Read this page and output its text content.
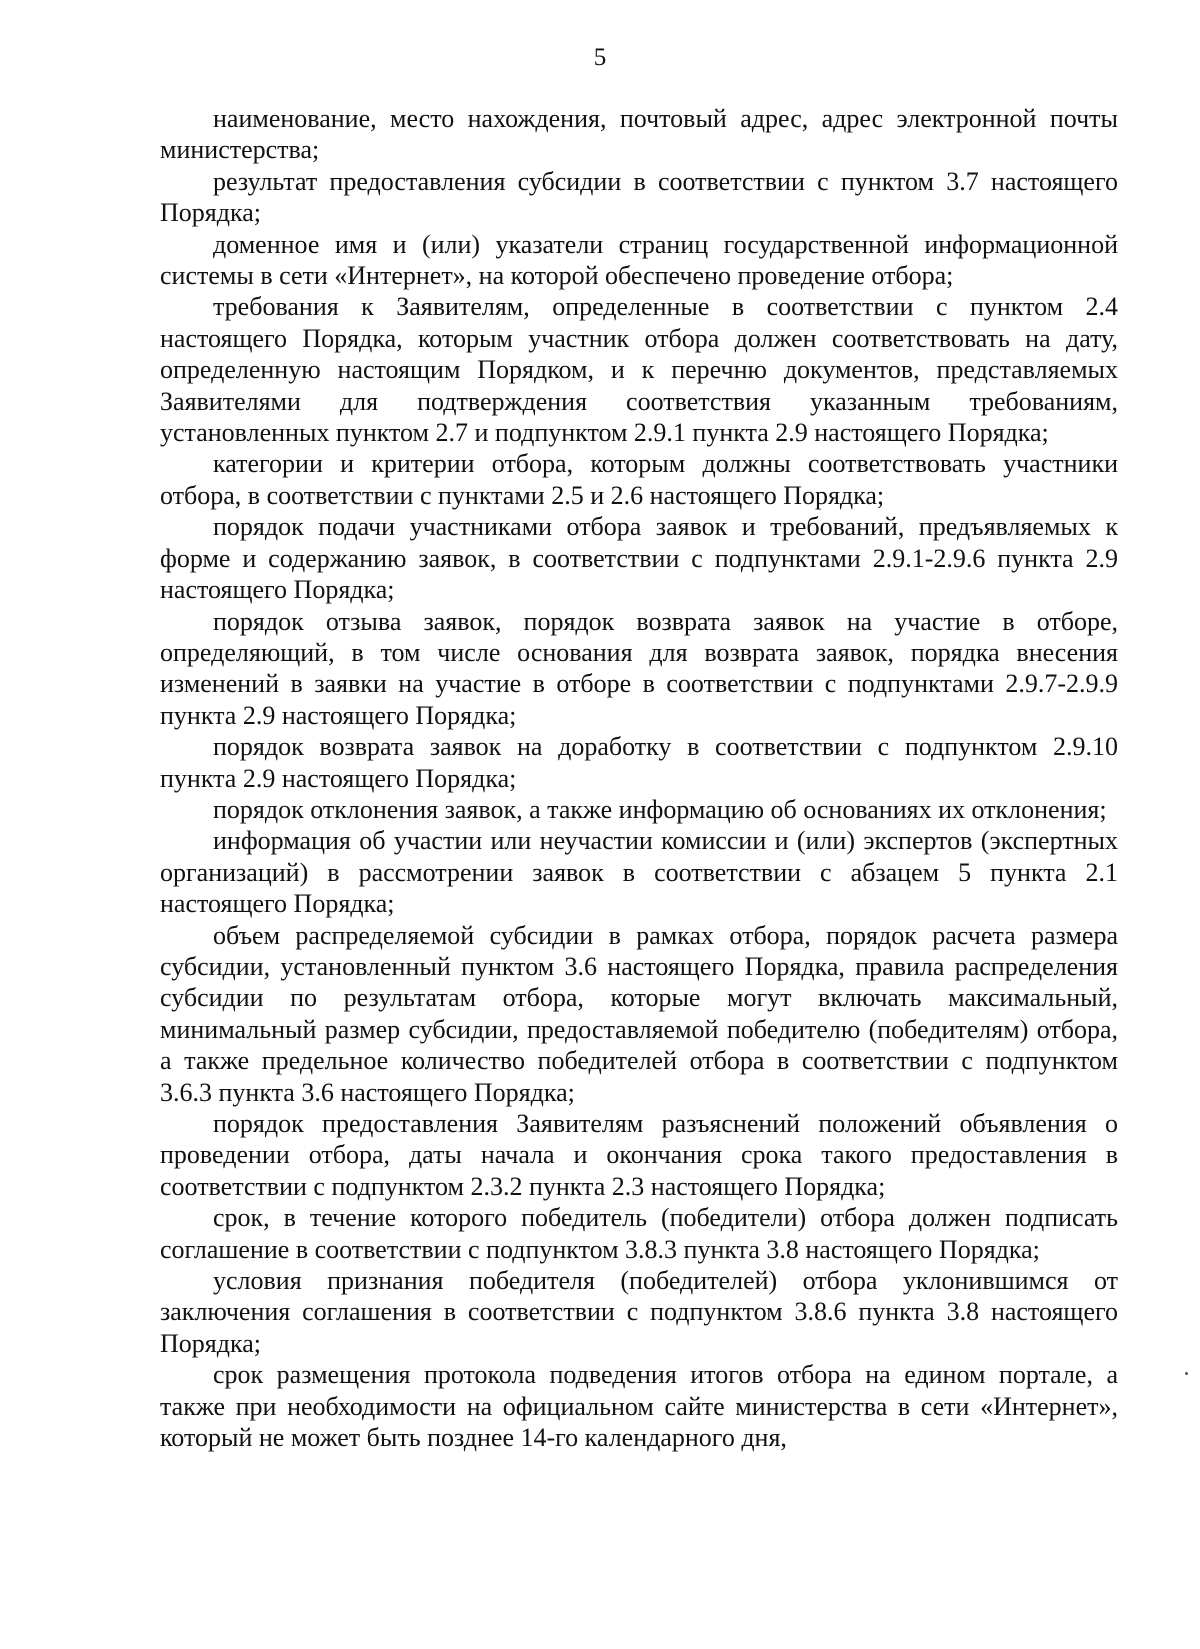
5

наименование, место нахождения, почтовый адрес, адрес электронной почты министерства;

результат предоставления субсидии в соответствии с пунктом 3.7 настоящего Порядка;

доменное имя и (или) указатели страниц государственной информационной системы в сети «Интернет», на которой обеспечено проведение отбора;

требования к Заявителям, определенные в соответствии с пунктом 2.4 настоящего Порядка, которым участник отбора должен соответствовать на дату, определенную настоящим Порядком, и к перечню документов, представляемых Заявителями для подтверждения соответствия указанным требованиям, установленных пунктом 2.7 и подпунктом 2.9.1 пункта 2.9 настоящего Порядка;

категории и критерии отбора, которым должны соответствовать участники отбора, в соответствии с пунктами 2.5 и 2.6 настоящего Порядка;

порядок подачи участниками отбора заявок и требований, предъявляемых к форме и содержанию заявок, в соответствии с подпунктами 2.9.1-2.9.6 пункта 2.9 настоящего Порядка;

порядок отзыва заявок, порядок возврата заявок на участие в отборе, определяющий, в том числе основания для возврата заявок, порядка внесения изменений в заявки на участие в отборе в соответствии с подпунктами 2.9.7-2.9.9 пункта 2.9 настоящего Порядка;

порядок возврата заявок на доработку в соответствии с подпунктом 2.9.10 пункта 2.9 настоящего Порядка;

порядок отклонения заявок, а также информацию об основаниях их отклонения;

информация об участии или неучастии комиссии и (или) экспертов (экспертных организаций) в рассмотрении заявок в соответствии с абзацем 5 пункта 2.1 настоящего Порядка;

объем распределяемой субсидии в рамках отбора, порядок расчета размера субсидии, установленный пунктом 3.6 настоящего Порядка, правила распределения субсидии по результатам отбора, которые могут включать максимальный, минимальный размер субсидии, предоставляемой победителю (победителям) отбора, а также предельное количество победителей отбора в соответствии с подпунктом 3.6.3 пункта 3.6 настоящего Порядка;

порядок предоставления Заявителям разъяснений положений объявления о проведении отбора, даты начала и окончания срока такого предоставления в соответствии с подпунктом 2.3.2 пункта 2.3 настоящего Порядка;

срок, в течение которого победитель (победители) отбора должен подписать соглашение в соответствии с подпунктом 3.8.3 пункта 3.8 настоящего Порядка;

условия признания победителя (победителей) отбора уклонившимся от заключения соглашения в соответствии с подпунктом 3.8.6 пункта 3.8 настоящего Порядка;

срок размещения протокола подведения итогов отбора на едином портале, а также при необходимости на официальном сайте министерства в сети «Интернет», который не может быть позднее 14-го календарного дня,
